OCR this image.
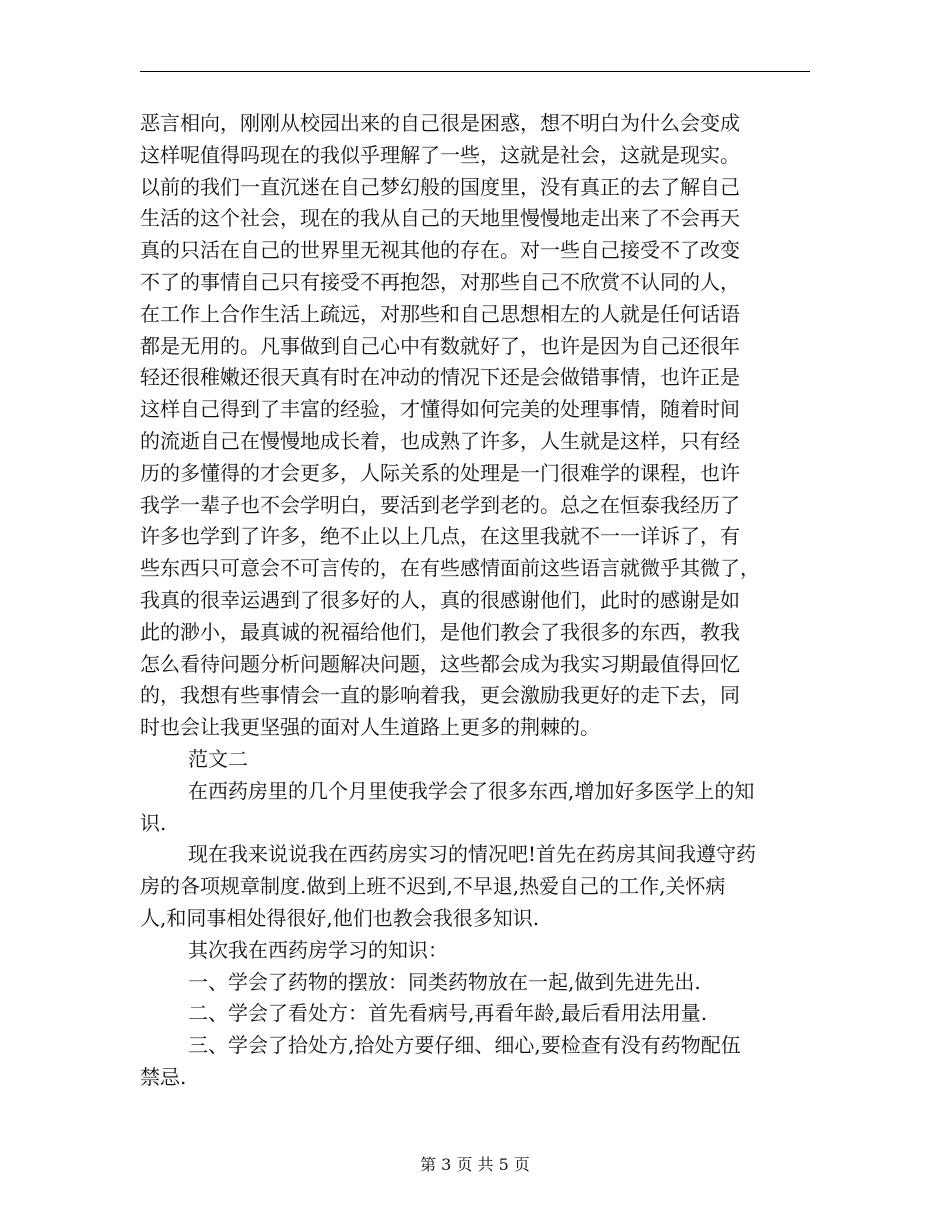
恶言相向，刚刚从校园出来的自己很是困惑，想不明白为什么会变成
这样呢值得吗现在的我似乎理解了一些，这就是社会，这就是现实。
以前的我们一直沉迷在自己梦幻般的国度里，没有真正的去了解自己
生活的这个社会，现在的我从自己的天地里慢慢地走出来了不会再天
真的只活在自己的世界里无视其他的存在。对一些自己接受不了改变
不了的事情自己只有接受不再抱怨，对那些自己不欣赏不认同的人，
在工作上合作生活上疏远，对那些和自己思想相左的人就是任何话语
都是无用的。凡事做到自己心中有数就好了，也许是因为自己还很年
轻还很稚嫩还很天真有时在冲动的情况下还是会做错事情，也许正是
这样自己得到了丰富的经验，才懂得如何完美的处理事情，随着时间
的流逝自己在慢慢地成长着，也成熟了许多，人生就是这样，只有经
历的多懂得的才会更多，人际关系的处理是一门很难学的课程，也许
我学一辈子也不会学明白，要活到老学到老的。总之在恒泰我经历了
许多也学到了许多，绝不止以上几点，在这里我就不一一详诉了，有
些东西只可意会不可言传的，在有些感情面前这些语言就微乎其微了，
我真的很幸运遇到了很多好的人，真的很感谢他们，此时的感谢是如
此的渺小，最真诚的祝福给他们，是他们教会了我很多的东西，教我
怎么看待问题分析问题解决问题，这些都会成为我实习期最值得回忆
的，我想有些事情会一直的影响着我，更会激励我更好的走下去，同
时也会让我更坚强的面对人生道路上更多的荆棘的。
范文二
在西药房里的几个月里使我学会了很多东西,增加好多医学上的知
识.
现在我来说说我在西药房实习的情况吧!首先在药房其间我遵守药
房的各项规章制度.做到上班不迟到,不早退,热爱自己的工作,关怀病
人,和同事相处得很好,他们也教会我很多知识.
其次我在西药房学习的知识：
一、学会了药物的摆放：同类药物放在一起,做到先进先出.
二、学会了看处方：首先看病号,再看年龄,最后看用法用量.
三、学会了拾处方,拾处方要仔细、细心,要检查有没有药物配伍
禁忌.
第 3 页 共 5 页
